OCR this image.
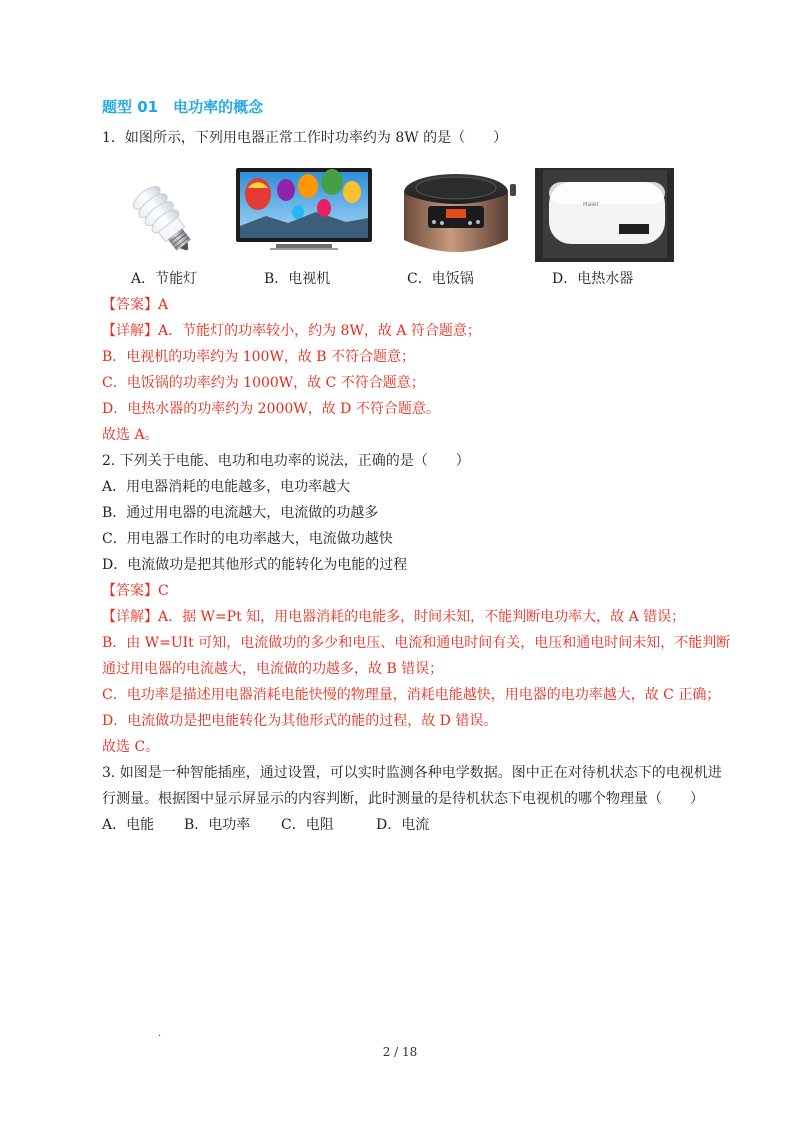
题型 01　电功率的概念
1．如图所示，下列用电器正常工作时功率约为 8W 的是（　　）
Haier
A．节能灯	B．电视机	C．电饭锅	D．电热水器
【答案】A
【详解】A．节能灯的功率较小，约为 8W，故 A 符合题意；
B．电视机的功率约为 100W，故 B 不符合题意；
C．电饭锅的功率约为 1000W，故 C 不符合题意；
D．电热水器的功率约为 2000W，故 D 不符合题意。
故选 A。
2. 下列关于电能、电功和电功率的说法，正确的是（　　）
A．用电器消耗的电能越多，电功率越大
B．通过用电器的电流越大，电流做的功越多
C．用电器工作时的电功率越大，电流做功越快
D．电流做功是把其他形式的能转化为电能的过程
【答案】C
【详解】A．据 W=Pt 知，用电器消耗的电能多，时间未知，不能判断电功率大，故 A 错误；
B．由 W=UIt 可知，电流做功的多少和电压、电流和通电时间有关，电压和通电时间未知，不能判断
通过用电器的电流越大，电流做的功越多，故 B 错误；
C．电功率是描述用电器消耗电能快慢的物理量，消耗电能越快，用电器的电功率越大，故 C 正确；
D．电流做功是把电能转化为其他形式的能的过程，故 D 错误。
故选 C。
3. 如图是一种智能插座，通过设置，可以实时监测各种电学数据。图中正在对待机状态下的电视机进
行测量。根据图中显示屏显示的内容判断，此时测量的是待机状态下电视机的哪个物理量（　　）
A．电能 B．电功率 C．电阻	D．电流
.
2 / 18
